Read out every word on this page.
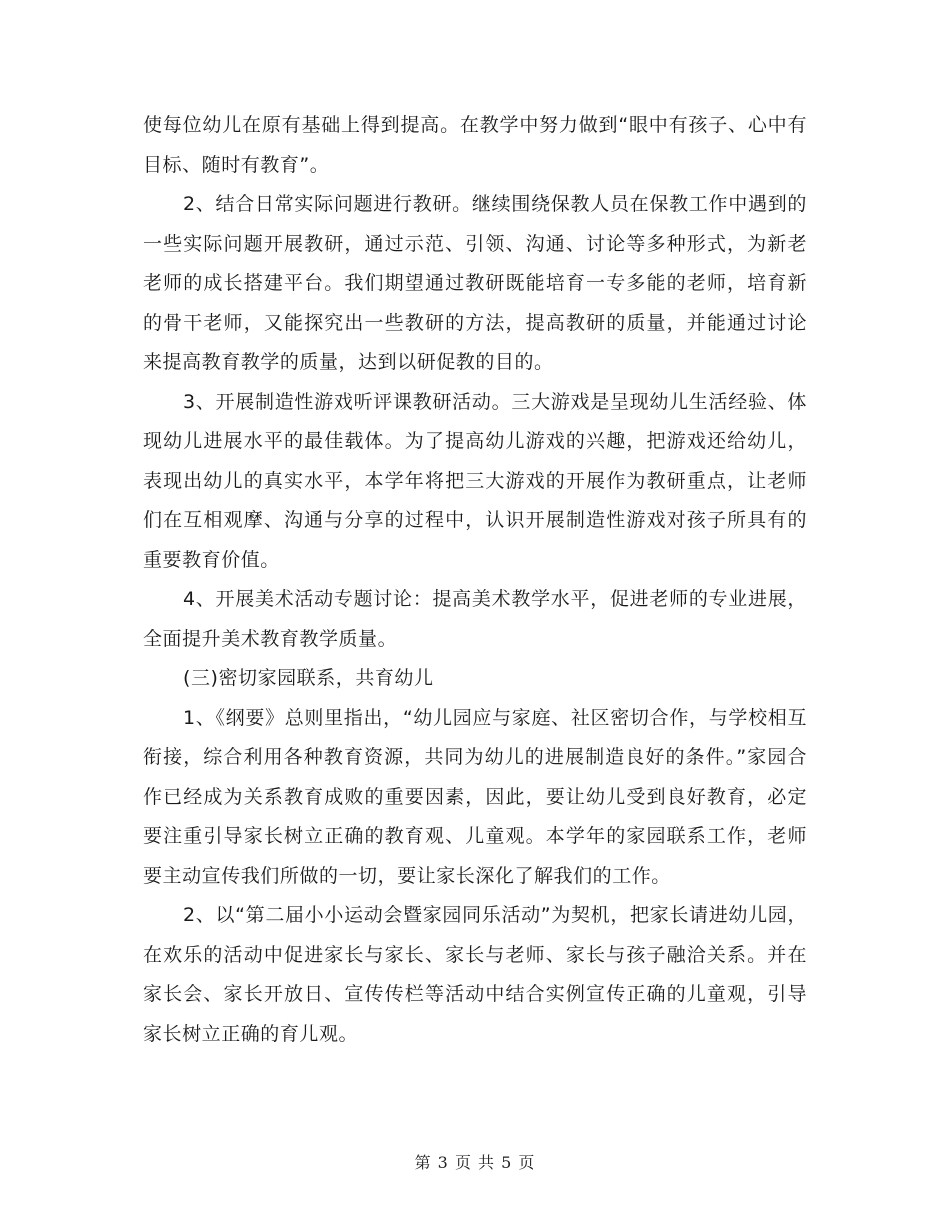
使每位幼儿在原有基础上得到提高。在教学中努力做到“眼中有孩子、心中有目标、随时有教育”。

2、结合日常实际问题进行教研。继续围绕保教人员在保教工作中遇到的一些实际问题开展教研，通过示范、引领、沟通、讨论等多种形式，为新老老师的成长搭建平台。我们期望通过教研既能培育一专多能的老师，培育新的骨干老师，又能探究出一些教研的方法，提高教研的质量，并能通过讨论来提高教育教学的质量，达到以研促教的目的。

3、开展制造性游戏听评课教研活动。三大游戏是呈现幼儿生活经验、体现幼儿进展水平的最佳载体。为了提高幼儿游戏的兴趣，把游戏还给幼儿，表现出幼儿的真实水平，本学年将把三大游戏的开展作为教研重点，让老师们在互相观摩、沟通与分享的过程中，认识开展制造性游戏对孩子所具有的重要教育价值。

4、开展美术活动专题讨论：提高美术教学水平，促进老师的专业进展，全面提升美术教育教学质量。

(三)密切家园联系，共育幼儿

1、《纲要》总则里指出，“幼儿园应与家庭、社区密切合作，与学校相互衔接，综合利用各种教育资源，共同为幼儿的进展制造良好的条件。”家园合作已经成为关系教育成败的重要因素，因此，要让幼儿受到良好教育，必定要注重引导家长树立正确的教育观、儿童观。本学年的家园联系工作，老师要主动宣传我们所做的一切，要让家长深化了解我们的工作。

2、以“第二届小小运动会暨家园同乐活动”为契机，把家长请进幼儿园，在欢乐的活动中促进家长与家长、家长与老师、家长与孩子融洽关系。并在家长会、家长开放日、宣传传栏等活动中结合实例宣传正确的儿童观，引导家长树立正确的育儿观。

第 3 页 共 5 页
